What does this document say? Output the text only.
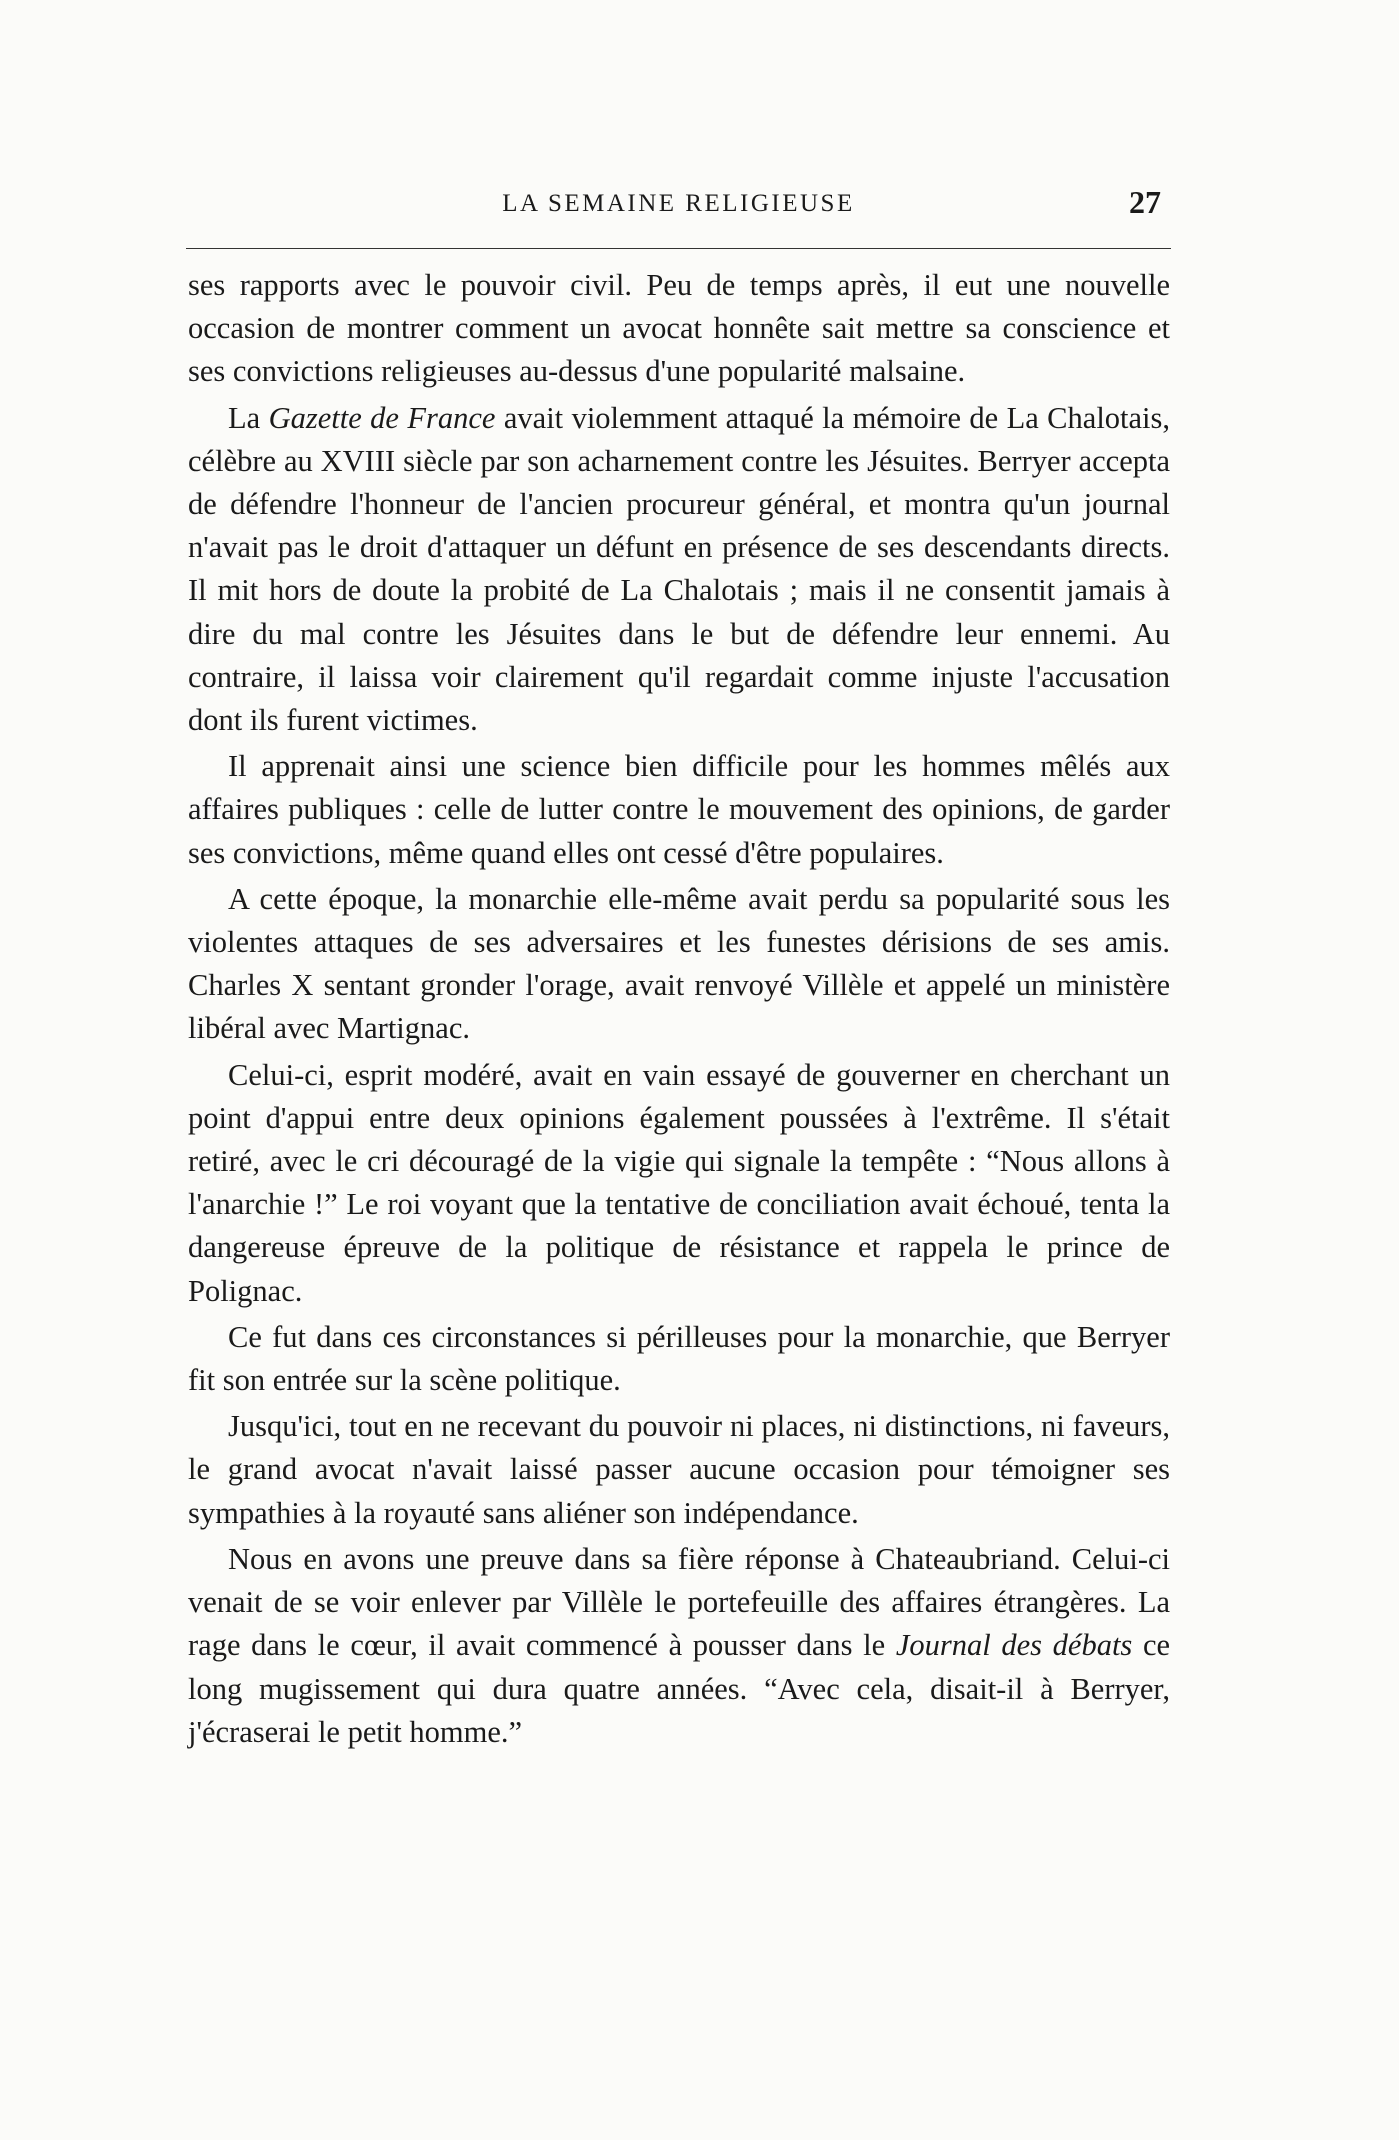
LA SEMAINE RELIGIEUSE	27

ses rapports avec le pouvoir civil. Peu de temps après, il eut une nouvelle occasion de montrer comment un avocat honnête sait mettre sa conscience et ses convictions religieuses au-dessus d'une popularité malsaine.

La Gazette de France avait violemment attaqué la mémoire de La Chalotais, célèbre au XVIII siècle par son acharnement contre les Jésuites. Berryer accepta de défendre l'honneur de l'ancien procureur général, et montra qu'un journal n'avait pas le droit d'attaquer un défunt en présence de ses descendants directs. Il mit hors de doute la probité de La Chalotais ; mais il ne consentit jamais à dire du mal contre les Jésuites dans le but de défendre leur ennemi. Au contraire, il laissa voir clairement qu'il regardait comme injuste l'accusation dont ils furent victimes.

Il apprenait ainsi une science bien difficile pour les hommes mêlés aux affaires publiques : celle de lutter contre le mouvement des opinions, de garder ses convictions, même quand elles ont cessé d'être populaires.

A cette époque, la monarchie elle-même avait perdu sa popularité sous les violentes attaques de ses adversaires et les funestes dérisions de ses amis. Charles X sentant gronder l'orage, avait renvoyé Villèle et appelé un ministère libéral avec Martignac.

Celui-ci, esprit modéré, avait en vain essayé de gouverner en cherchant un point d'appui entre deux opinions également poussées à l'extrême. Il s'était retiré, avec le cri découragé de la vigie qui signale la tempête : “Nous allons à l'anarchie !” Le roi voyant que la tentative de conciliation avait échoué, tenta la dangereuse épreuve de la politique de résistance et rappela le prince de Polignac.

Ce fut dans ces circonstances si périlleuses pour la monarchie, que Berryer fit son entrée sur la scène politique.

Jusqu'ici, tout en ne recevant du pouvoir ni places, ni distinctions, ni faveurs, le grand avocat n'avait laissé passer aucune occasion pour témoigner ses sympathies à la royauté sans aliéner son indépendance.

Nous en avons une preuve dans sa fière réponse à Chateaubriand. Celui-ci venait de se voir enlever par Villèle le portefeuille des affaires étrangères. La rage dans le cœur, il avait commencé à pousser dans le Journal des débats ce long mugissement qui dura quatre années. “Avec cela, disait-il à Berryer, j'écraserai le petit homme.”
